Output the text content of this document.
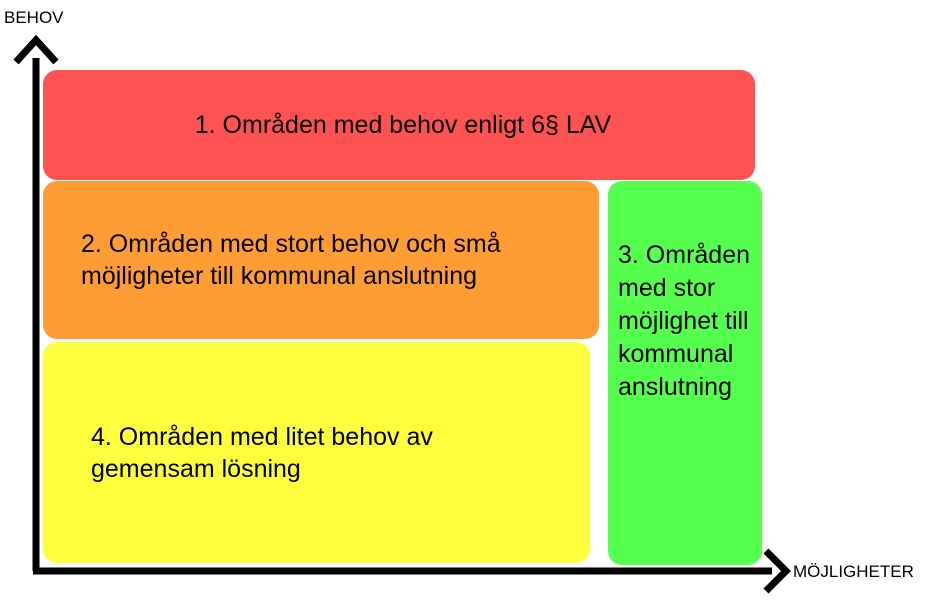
1. Områden med behov enligt 6§ LAV
2. Områden med stort behov och små möjligheter till kommunal anslutning
3. Områden med stor möjlighet till kommunal anslutning
4. Områden med litet behov av gemensam lösning
BEHOV
MÖJLIGHETER
